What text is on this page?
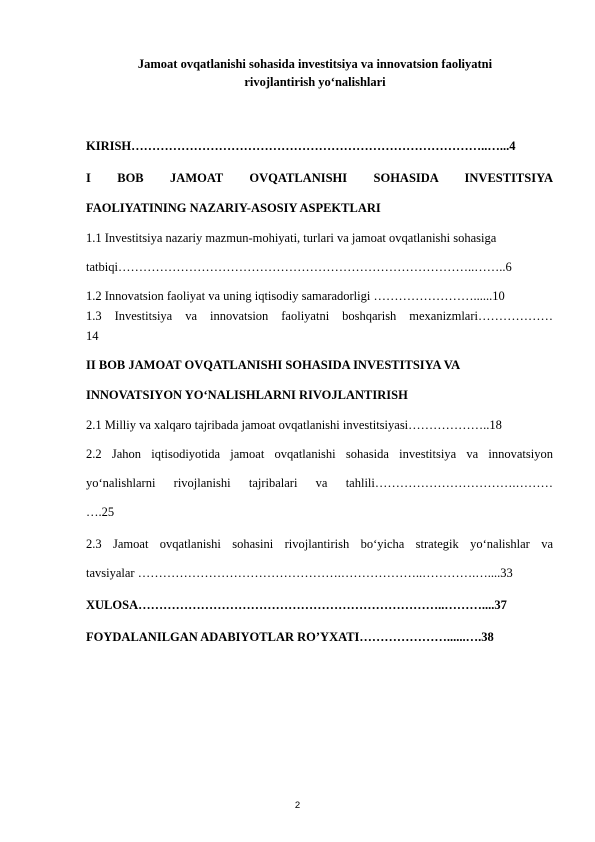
Jamoat ovqatlanishi sohasida investitsiya va innovatsion faoliyatni
rivojlantirish yo‘nalishlari
KIRISH…………………………………………………………………………..…...4
I BOB JAMOAT OVQATLANISHI SOHASIDA INVESTITSIYA
FAOLIYATINING NAZARIY-ASOSIY ASPEKTLARI
1.1 Investitsiya nazariy mazmun-mohiyati, turlari va jamoat ovqatlanishi sohasiga
tatbiqi…………………………………………………………………………..……..6
1.2 Innovatsion faoliyat va uning iqtisodiy samaradorligi ……………………......10
1.3 Investitsiya va innovatsion faoliyatni boshqarish mexanizmlari………………
14
II BOB JAMOAT OVQATLANISHI SOHASIDA INVESTITSIYA VA
INNOVATSIYON YO‘NALISHLARNI RIVOJLANTIRISH
2.1 Milliy va xalqaro tajribada jamoat ovqatlanishi investitsiyasi………………..18
2.2 Jahon iqtisodiyotida jamoat ovqatlanishi sohasida investitsiya va innovatsiyon
yo‘nalishlarni rivojlanishi tajribalari va tahlili…………………………….………
….25
2.3 Jamoat ovqatlanishi sohasini rivojlantirish bo‘yicha strategik yo‘nalishlar va
tavsiyalar ………………………………………….………………..………….…....33
XULOSA………………………………………………………………..………....37
FOYDALANILGAN ADABIYOTLAR RO’YXATI…………………......….38
2
